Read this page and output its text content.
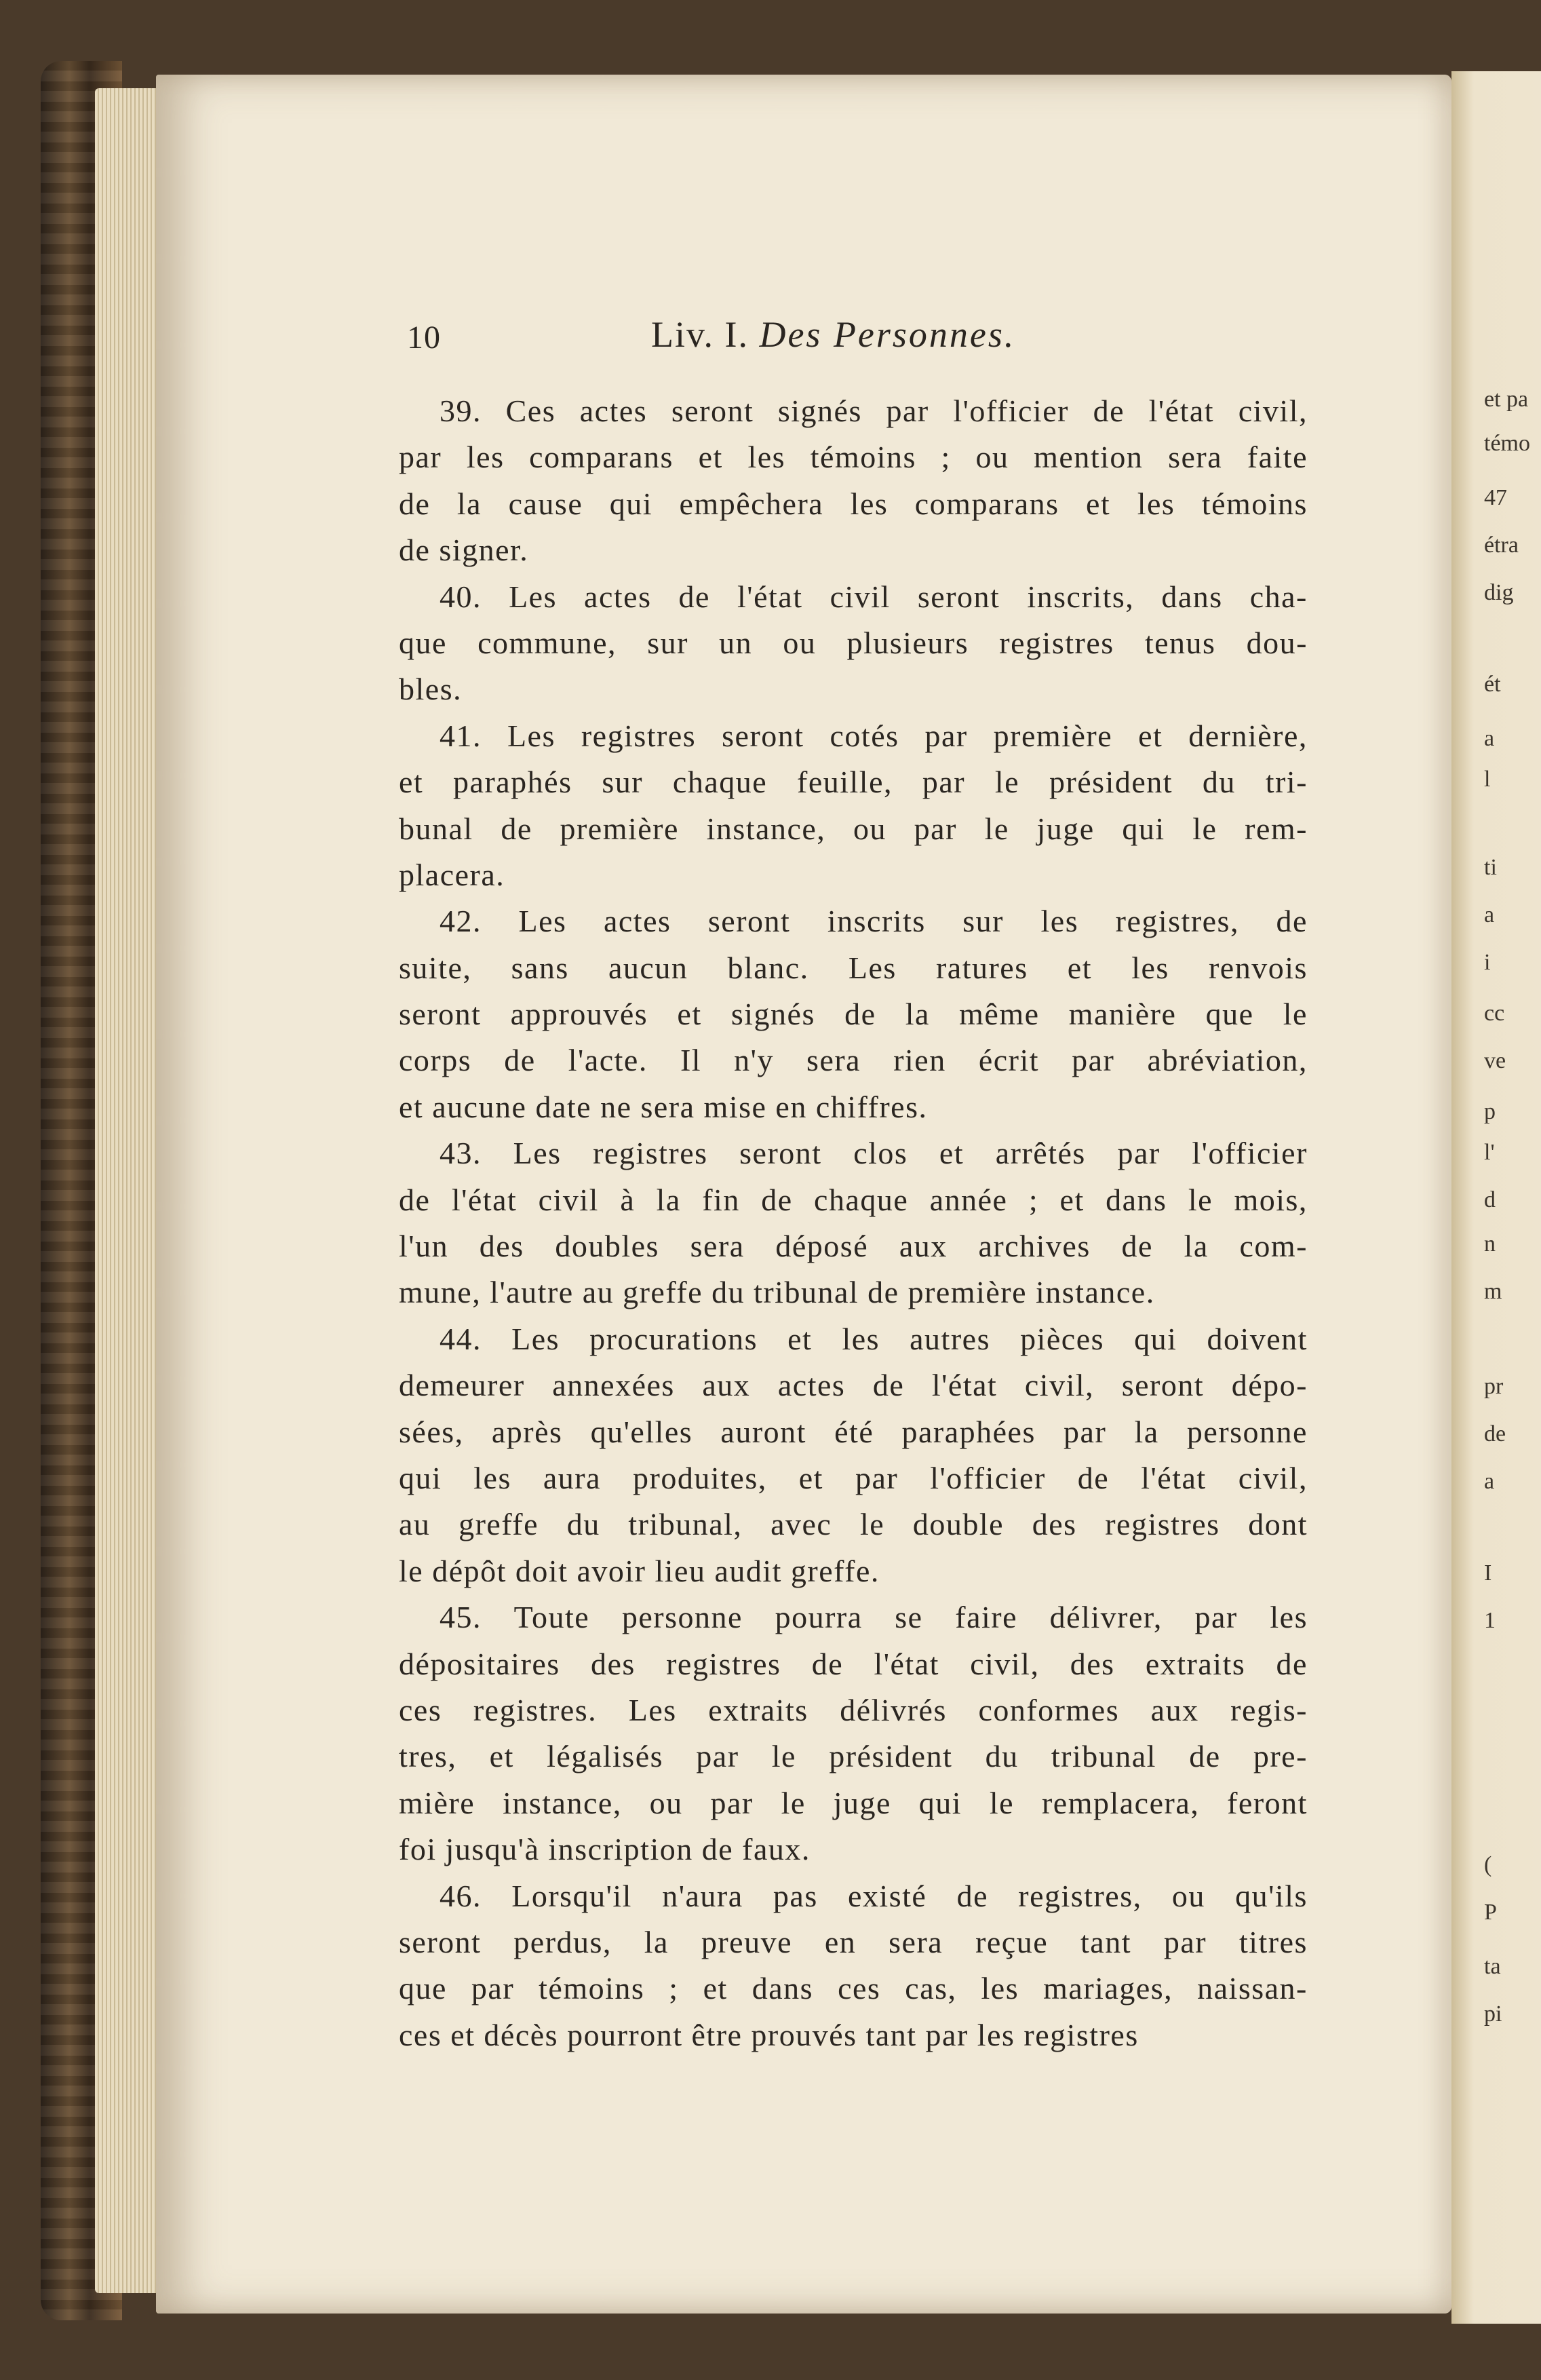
et pa
témo
47
étra
dig
ét
a
l
ti
a
i
cc
ve
p
l'
d
n
m
pr
de
a
I
1
(
P
ta
pi
10	Liv. I. Des Personnes.
39. Ces actes seront signés par l'officier de l'état civil,
par les comparans et les témoins ; ou mention sera faite
de la cause qui empêchera les comparans et les témoins
de signer.
40. Les actes de l'état civil seront inscrits, dans cha-
que commune, sur un ou plusieurs registres tenus dou-
bles.
41. Les registres seront cotés par première et dernière,
et paraphés sur chaque feuille, par le président du tri-
bunal de première instance, ou par le juge qui le rem-
placera.
42. Les actes seront inscrits sur les registres, de
suite, sans aucun blanc. Les ratures et les renvois
seront approuvés et signés de la même manière que le
corps de l'acte. Il n'y sera rien écrit par abréviation,
et aucune date ne sera mise en chiffres.
43. Les registres seront clos et arrêtés par l'officier
de l'état civil à la fin de chaque année ; et dans le mois,
l'un des doubles sera déposé aux archives de la com-
mune, l'autre au greffe du tribunal de première instance.
44. Les procurations et les autres pièces qui doivent
demeurer annexées aux actes de l'état civil, seront dépo-
sées, après qu'elles auront été paraphées par la personne
qui les aura produites, et par l'officier de l'état civil,
au greffe du tribunal, avec le double des registres dont
le dépôt doit avoir lieu audit greffe.
45. Toute personne pourra se faire délivrer, par les
dépositaires des registres de l'état civil, des extraits de
ces registres. Les extraits délivrés conformes aux regis-
tres, et légalisés par le président du tribunal de pre-
mière instance, ou par le juge qui le remplacera, feront
foi jusqu'à inscription de faux.
46. Lorsqu'il n'aura pas existé de registres, ou qu'ils
seront perdus, la preuve en sera reçue tant par titres
que par témoins ; et dans ces cas, les mariages, naissan-
ces et décès pourront être prouvés tant par les registres
